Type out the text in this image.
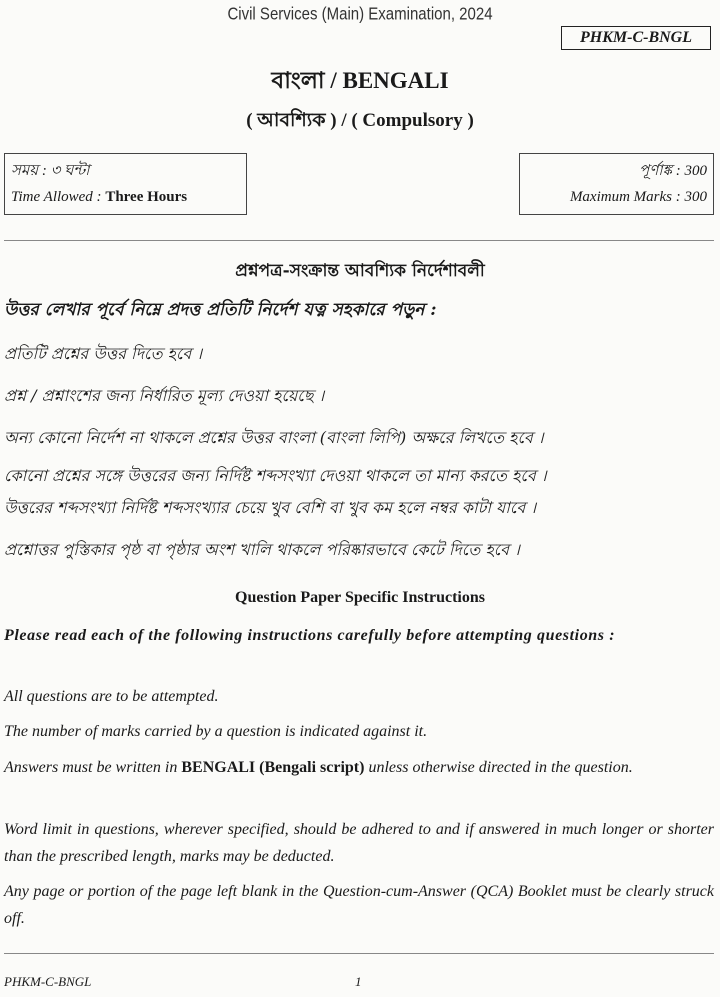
Civil Services (Main) Examination, 2024
PHKM-C-BNGL
বাংলা / BENGALI
( আবশ্যিক ) / ( Compulsory )
সময় : ৩ ঘন্টা
Time Allowed : Three Hours
পূর্ণাঙ্ক : 300
Maximum Marks : 300
প্রশ্নপত্র-সংক্রান্ত আবশ্যিক নির্দেশাবলী
উত্তর লেখার পূর্বে নিম্নে প্রদত্ত প্রতিটি নির্দেশ যত্ন সহকারে পড়ুন :
প্রতিটি প্রশ্নের উত্তর দিতে হবে ।
প্রশ্ন / প্রশ্নাংশের জন্য নির্ধারিত মূল্য দেওয়া হয়েছে ।
অন্য কোনো নির্দেশ না থাকলে প্রশ্নের উত্তর বাংলা (বাংলা লিপি) অক্ষরে লিখতে হবে ।
কোনো প্রশ্নের সঙ্গে উত্তরের জন্য নির্দিষ্ট শব্দসংখ্যা দেওয়া থাকলে তা মান্য করতে হবে ।
উত্তরের শব্দসংখ্যা নির্দিষ্ট শব্দসংখ্যার চেয়ে খুব বেশি বা খুব কম হলে নম্বর কাটা যাবে ।
প্রশ্নোত্তর পুস্তিকার পৃষ্ঠ বা পৃষ্ঠার অংশ খালি থাকলে পরিষ্কারভাবে কেটে দিতে হবে ।
Question Paper Specific Instructions
Please read each of the following instructions carefully before attempting questions :
All questions are to be attempted.
The number of marks carried by a question is indicated against it.
Answers must be written in BENGALI (Bengali script) unless otherwise directed in the question.
Word limit in questions, wherever specified, should be adhered to and if answered in much longer or shorter than the prescribed length, marks may be deducted.
Any page or portion of the page left blank in the Question-cum-Answer (QCA) Booklet must be clearly struck off.
PHKM-C-BNGL	1
